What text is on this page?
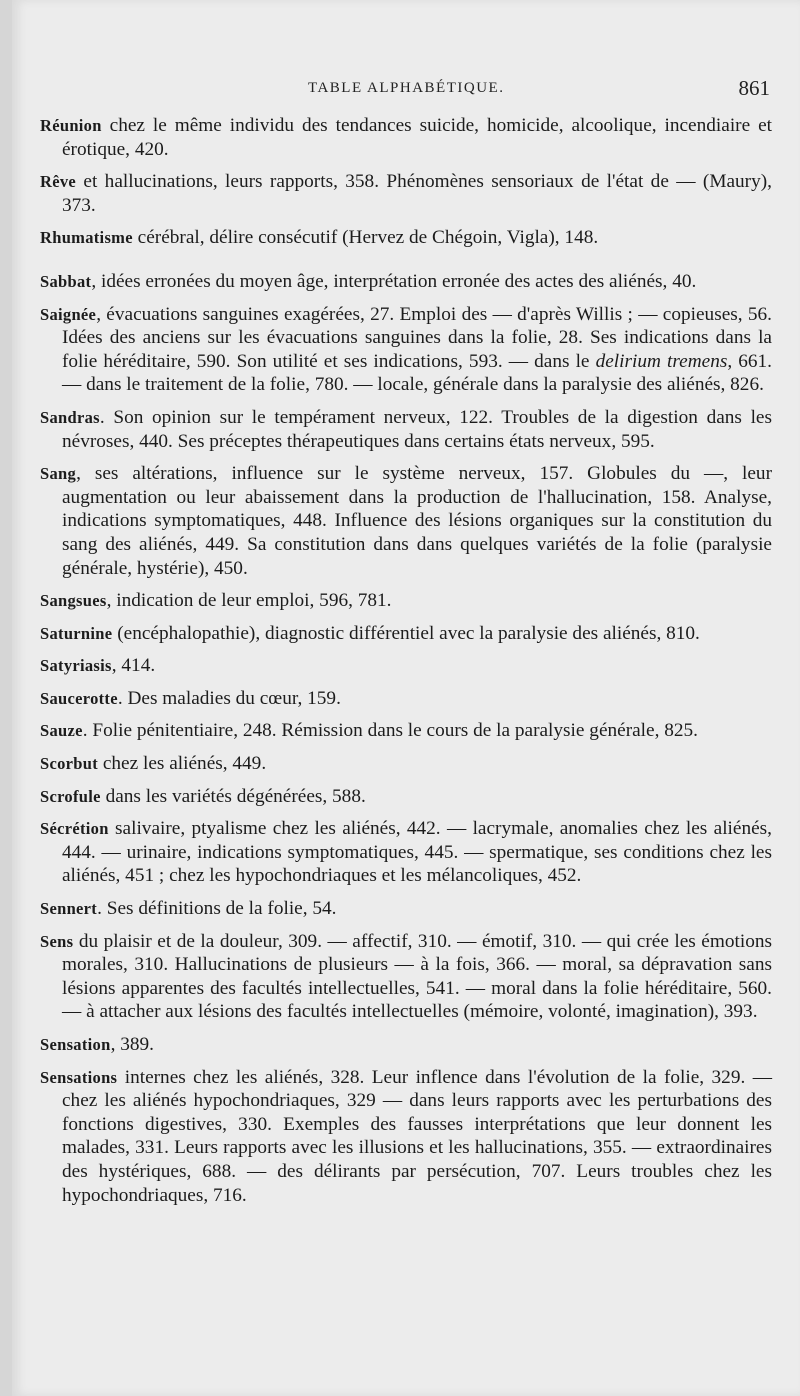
TABLE ALPHABÉTIQUE.	861

Réunion chez le même individu des tendances suicide, homicide, alcoolique, incendiaire et érotique, 420.

Rêve et hallucinations, leurs rapports, 358. Phénomènes sensoriaux de l'état de — (Maury), 373.

Rhumatisme cérébral, délire consécutif (Hervez de Chégoin, Vigla), 148.

Sabbat, idées erronées du moyen âge, interprétation erronée des actes des aliénés, 40.

Saignée, évacuations sanguines exagérées, 27. Emploi des — d'après Willis ; — copieuses, 56. Idées des anciens sur les évacuations sanguines dans la folie, 28. Ses indications dans la folie héréditaire, 590. Son utilité et ses indications, 593. — dans le delirium tremens, 661. — dans le traitement de la folie, 780. — locale, générale dans la paralysie des aliénés, 826.

Sandras. Son opinion sur le tempérament nerveux, 122. Troubles de la digestion dans les névroses, 440. Ses préceptes thérapeutiques dans certains états nerveux, 595.

Sang, ses altérations, influence sur le système nerveux, 157. Globules du —, leur augmentation ou leur abaissement dans la production de l'hallucination, 158. Analyse, indications symptomatiques, 448. Influence des lésions organiques sur la constitution du sang des aliénés, 449. Sa constitution dans dans quelques variétés de la folie (paralysie générale, hystérie), 450.

Sangsues, indication de leur emploi, 596, 781.

Saturnine (encéphalopathie), diagnostic différentiel avec la paralysie des aliénés, 810.

Satyriasis, 414.

Saucerotte. Des maladies du cœur, 159.

Sauze. Folie pénitentiaire, 248. Rémission dans le cours de la paralysie générale, 825.

Scorbut chez les aliénés, 449.

Scrofule dans les variétés dégénérées, 588.

Sécrétion salivaire, ptyalisme chez les aliénés, 442. — lacrymale, anomalies chez les aliénés, 444. — urinaire, indications symptomatiques, 445. — spermatique, ses conditions chez les aliénés, 451 ; chez les hypochondriaques et les mélancoliques, 452.

Sennert. Ses définitions de la folie, 54.

Sens du plaisir et de la douleur, 309. — affectif, 310. — émotif, 310. — qui crée les émotions morales, 310. Hallucinations de plusieurs — à la fois, 366. — moral, sa dépravation sans lésions apparentes des facultés intellectuelles, 541. — moral dans la folie héréditaire, 560. — à attacher aux lésions des facultés intellectuelles (mémoire, volonté, imagination), 393.

Sensation, 389.

Sensations internes chez les aliénés, 328. Leur inflence dans l'évolution de la folie, 329. — chez les aliénés hypochondriaques, 329 — dans leurs rapports avec les perturbations des fonctions digestives, 330. Exemples des fausses interprétations que leur donnent les malades, 331. Leurs rapports avec les illusions et les hallucinations, 355. — extraordinaires des hystériques, 688. — des délirants par persécution, 707. Leurs troubles chez les hypochondriaques, 716.
